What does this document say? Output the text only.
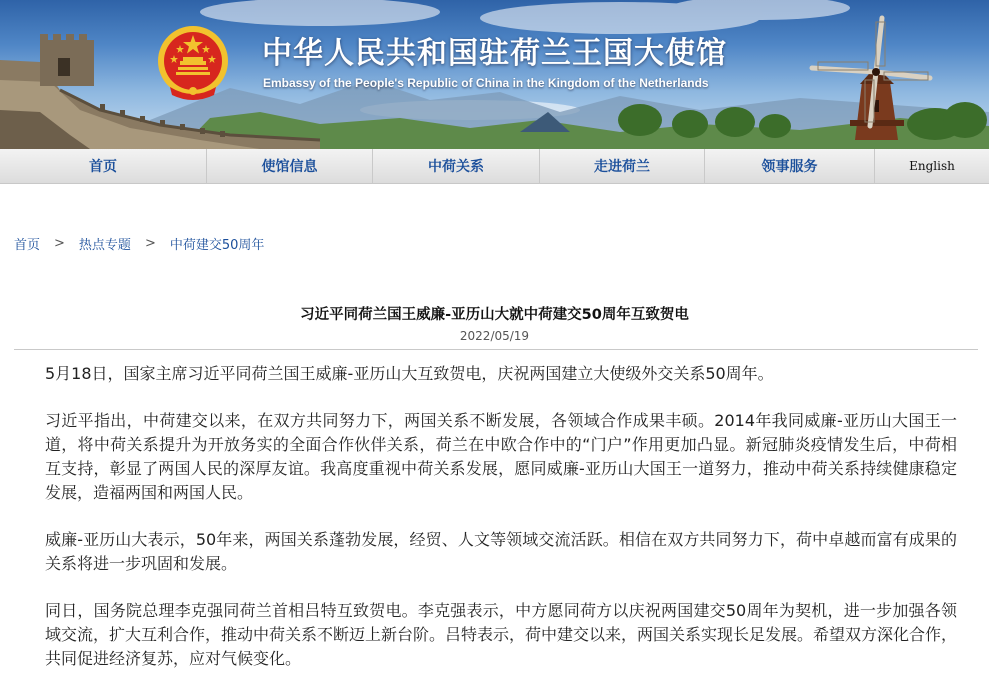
中华人民共和国驻荷兰王国大使馆
Embassy of the People's Republic of China in the Kingdom of the Netherlands
首页	使馆信息	中荷关系	走进荷兰	领事服务	English
首页 > 热点专题 > 中荷建交50周年
习近平同荷兰国王威廉-亚历山大就中荷建交50周年互致贺电
2022/05/19

5月18日，国家主席习近平同荷兰国王威廉-亚历山大互致贺电，庆祝两国建立大使级外交关系50周年。

习近平指出，中荷建交以来，在双方共同努力下，两国关系不断发展，各领域合作成果丰硕。2014年我同威廉-亚历山大国王一道，将中荷关系提升为开放务实的全面合作伙伴关系，荷兰在中欧合作中的“门户”作用更加凸显。新冠肺炎疫情发生后，中荷相互支持，彰显了两国人民的深厚友谊。我高度重视中荷关系发展，愿同威廉-亚历山大国王一道努力，推动中荷关系持续健康稳定发展，造福两国和两国人民。

威廉-亚历山大表示，50年来，两国关系蓬勃发展，经贸、人文等领域交流活跃。相信在双方共同努力下，荷中卓越而富有成果的关系将进一步巩固和发展。

同日，国务院总理李克强同荷兰首相吕特互致贺电。李克强表示，中方愿同荷方以庆祝两国建交50周年为契机，进一步加强各领域交流，扩大互利合作，推动中荷关系不断迈上新台阶。吕特表示，荷中建交以来，两国关系实现长足发展。希望双方深化合作，共同促进经济复苏，应对气候变化。
